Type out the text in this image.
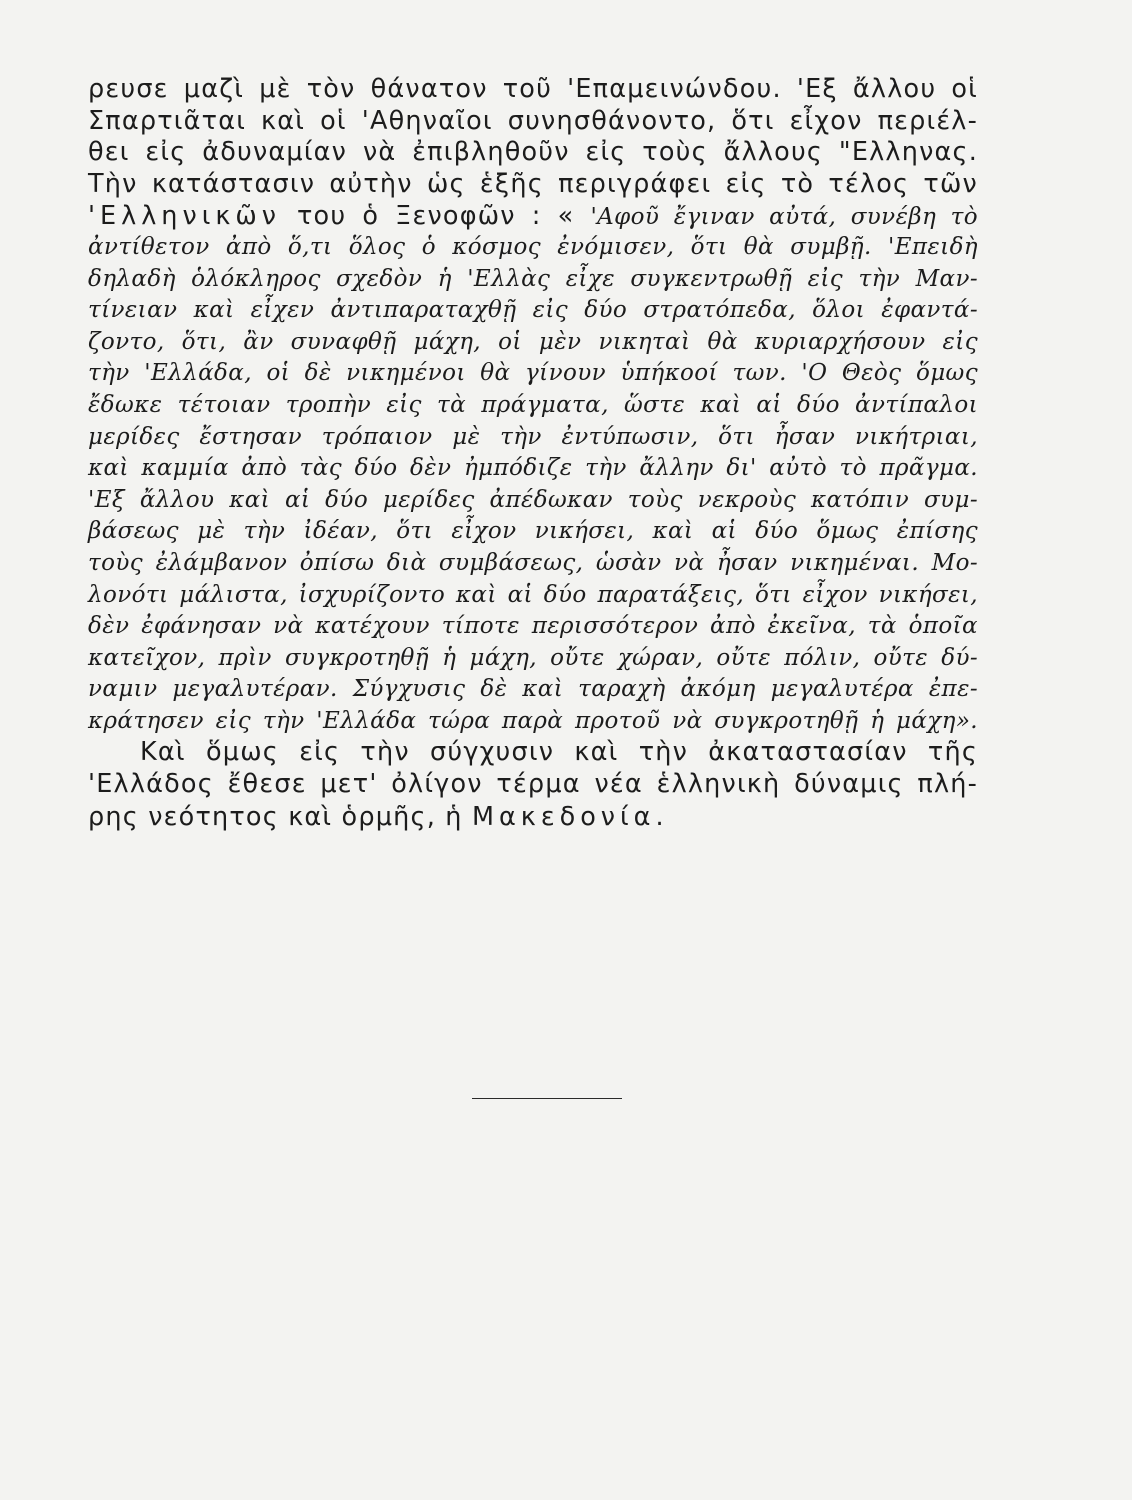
ρευσε μαζὶ μὲ τὸν θάνατον τοῦ 'Επαμεινώνδου. 'Εξ ἄλλου οἱ
Σπαρτιᾶται καὶ οἱ 'Αθηναῖοι συνησθάνοντο, ὅτι εἶχον περιέλ-
θει εἰς ἀδυναμίαν νὰ ἐπιβληθοῦν εἰς τοὺς ἄλλους "Ελληνας.
Τὴν κατάστασιν αὐτὴν ὡς ἑξῆς περιγράφει εἰς τὸ τέλος τῶν
'Ελληνικῶν του ὁ Ξενοφῶν : « 'Αφοῦ ἔγιναν αὐτά, συνέβη τὸ
ἀντίθετον ἀπὸ ὅ,τι ὅλος ὁ κόσμος ἐνόμισεν, ὅτι θὰ συμβῇ. 'Επειδὴ
δηλαδὴ ὁλόκληρος σχεδὸν ἡ 'Ελλὰς εἶχε συγκεντρωθῇ εἰς τὴν Μαν-
τίνειαν καὶ εἶχεν ἀντιπαραταχθῇ εἰς δύο στρατόπεδα, ὅλοι ἐφαντά-
ζοντο, ὅτι, ἂν συναφθῇ μάχη, οἱ μὲν νικηταὶ θὰ κυριαρχήσουν εἰς
τὴν 'Ελλάδα, οἱ δὲ νικημένοι θὰ γίνουν ὑπήκοοί των. 'Ο Θεὸς ὅμως
ἔδωκε τέτοιαν τροπὴν εἰς τὰ πράγματα, ὥστε καὶ αἱ δύο ἀντίπαλοι
μερίδες ἔστησαν τρόπαιον μὲ τὴν ἐντύπωσιν, ὅτι ἦσαν νικήτριαι,
καὶ καμμία ἀπὸ τὰς δύο δὲν ἠμπόδιζε τὴν ἄλλην δι' αὐτὸ τὸ πρᾶγμα.
'Εξ ἄλλου καὶ αἱ δύο μερίδες ἀπέδωκαν τοὺς νεκροὺς κατόπιν συμ-
βάσεως μὲ τὴν ἰδέαν, ὅτι εἶχον νικήσει, καὶ αἱ δύο ὅμως ἐπίσης
τοὺς ἐλάμβανον ὀπίσω διὰ συμβάσεως, ὡσὰν νὰ ἦσαν νικημέναι. Μο-
λονότι μάλιστα, ἰσχυρίζοντο καὶ αἱ δύο παρατάξεις, ὅτι εἶχον νικήσει,
δὲν ἐφάνησαν νὰ κατέχουν τίποτε περισσότερον ἀπὸ ἐκεῖνα, τὰ ὁποῖα
κατεῖχον, πρὶν συγκροτηθῇ ἡ μάχη, οὔτε χώραν, οὔτε πόλιν, οὔτε δύ-
ναμιν μεγαλυτέραν. Σύγχυσις δὲ καὶ ταραχὴ ἀκόμη μεγαλυτέρα ἐπε-
κράτησεν εἰς τὴν 'Ελλάδα τώρα παρὰ προτοῦ νὰ συγκροτηθῇ ἡ μάχη».
Καὶ ὅμως εἰς τὴν σύγχυσιν καὶ τὴν ἀκαταστασίαν τῆς
'Ελλάδος ἔθεσε μετ' ὀλίγον τέρμα νέα ἑλληνικὴ δύναμις πλή-
ρης νεότητος καὶ ὁρμῆς, ἡ Μακεδονία.
